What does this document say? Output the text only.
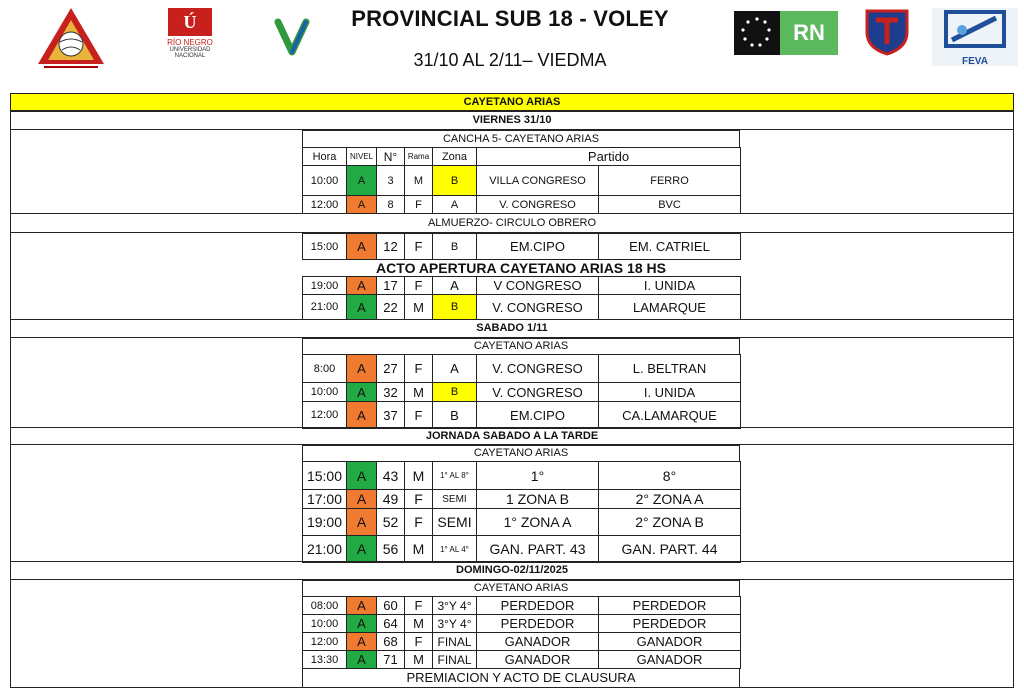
Ú
RÍO NEGRO
UNIVERSIDAD
NACIONAL
PROVINCIAL SUB 18 - VOLEY
31/10 AL 2/11– VIEDMA
RN
FEVA
CAYETANO ARIAS
VIERNES 31/10
CANCHA 5- CAYETANO ARIAS
Hora	NIVEL	N°	Rama	Zona	Partido	
10:00	A	3	M	B	VILLA CONGRESO	FERRO
12:00	A	8	F	A	V. CONGRESO	BVC
ALMUERZO- CIRCULO OBRERO
15:00	A	12	F	B	EM.CIPO	EM. CATRIEL
ACTO APERTURA CAYETANO ARIAS 18 HS
19:00	A	17	F	A	V CONGRESO	I. UNIDA
21:00	A	22	M	B	V. CONGRESO	LAMARQUE
SABADO 1/11
CAYETANO ARIAS
8:00	A	27	F	A	V. CONGRESO	L. BELTRAN
10:00	A	32	M	B	V. CONGRESO	I. UNIDA
12:00	A	37	F	B	EM.CIPO	CA.LAMARQUE
JORNADA SABADO A LA TARDE
CAYETANO ARIAS
15:00	A	43	M	1° AL 8°	1°	8°
17:00	A	49	F	SEMI	1 ZONA B	2° ZONA A
19:00	A	52	F	SEMI	1° ZONA A	2° ZONA B
21:00	A	56	M	1° AL 4°	GAN. PART. 43	GAN. PART. 44
DOMINGO-02/11/2025
CAYETANO ARIAS
08:00	A	60	F	3°Y 4°	PERDEDOR	PERDEDOR
10:00	A	64	M	3°Y 4°	PERDEDOR	PERDEDOR
12:00	A	68	F	FINAL	GANADOR	GANADOR
13:30	A	71	M	FINAL	GANADOR	GANADOR
PREMIACION Y ACTO DE CLAUSURA
